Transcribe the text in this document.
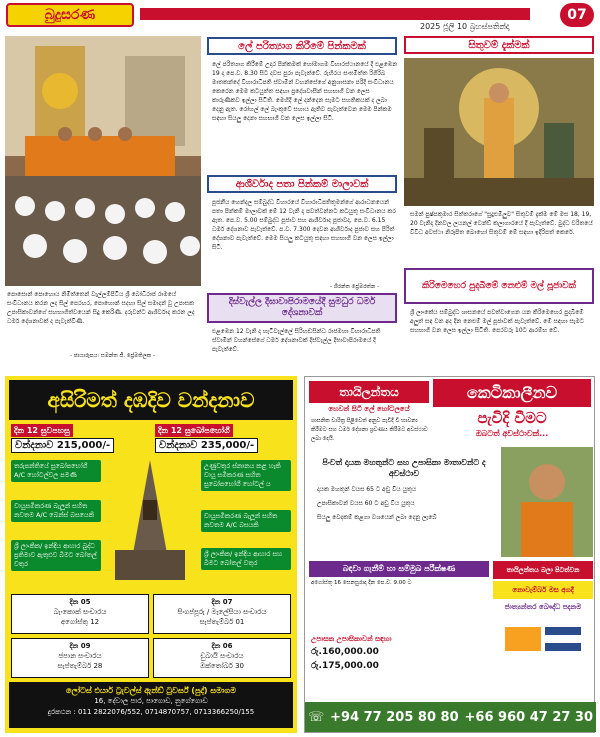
බුදුසරණ
2025 ජූලි 10 බ්‍රහස්පතින්දා
07
පොසොන් පොහොය නිමිත්තෙන් වැල්ලම්පිටිය ශ්‍රී බෝධිරාජ රාමයේ සංවිධානය කරන ලද සිල් පෙරහර, පොහොන් සදහා සිල් සමාදන් වූ උපාසක උපාසිකාවන්ගේ සහභාගිත්වයෙන් සිදු කෙරිණි. දරුවන්ට ආශිර්වාද කරන ලද ධර්ම දේශනාවක් ද පැවැත්විණි.
- ඡායාරූපය: සමන්ත ජී. ප්‍රේමතිලක -
ලේ පරිත්‍යාග කිරීමේ පින්කමක්
ලේ පරිත්‍යාග කිරීමේ උදාර පින්කමක් හෝමාගම විහාරස්ථානයේ දී එළඹෙන 19 දා පෙ.ව. 8.30 සිට දවස පුරා පැවැත්වේ. රුහිරය සංඝමිත්ත රිගිරිඛ මාතකන්දේ විහාරාධිපති ස්වාමීන් වහන්සේගේ අනුශාසනා පරිදි සංවිධානය කෙරෙන මෙම කටයුත්ත සඳහා ප්‍රදේශවාසීන් සහභාගී වන ලෙස කාරුණිකව ඉල්ලා සිටිති. මෙහිදී ලේ දන්දෙන සැමට සහතිකයක් ද ලබා දෙනු ඇත. රෝහල් ලේ බැංකුවේ සහාය ඇතිව පැවැත්වෙන මෙම පින්කම සඳහා සියලු දෙනා සහභාගී වන ලෙස ඉල්ලා සිටී.
ආශීර්වාද පතා පින්කම් මාලාවක්
පූජනීය හෙන්දල සම්බුද්ධ විහාරයේ විහාරාධිපතිතුමන්ගේ ආරාධනයෙන් පතා පින්කම් මාලාවක් මේ 12 වැනි දා පවත්වන්නට කටයුතු සංවිධානය කර ඇත. පෙ.ව. 5.00 සම්බුද්ධ පූජාව සහ ආශීර්වාද පූජාවද, පෙ.ව. 6.15 ධර්ම දේශනාව පැවැත්වේ. ප.ව. 7.300 දෙවන ආශීර්වාද පූජාව සහ පිරිත් දේශනාව පැවැත්වේ. මෙම සියලු කටයුතු සඳහා සහභාගී වන ලෙස ඉල්ලා සිටී.
- ශිරන්ත ප්‍රේමරත්න -
දිස්වැල්ල දීඝාවාපිරාමයේදී සුමධුර ධර්ම දේශනාවක්
එළඹෙන 12 වැනි දා හැටිවැල්ලේ සිරිහඬසින්ධ රාජමහා විහාරාධිපති ස්වාමීන් වහන්සේගේ ධර්ම දේශනාවක් දිස්වැල්ල දීඝාවාපිරාමයේ දී පැවැත්වේ.
සිතුවම් දැක්මක්
සමන් පුෂ්පකුමාර සිත්තරාගේ "සුදුළුමිලුව" සිතුවම් දැක්ම මේ මස 18, 19, 20 වැනිදා දිනවල ලයනල් වෙන්ඩ් කලාගාරයේ දී පැවැත්වේ. බුද්ධ චරිතයේ විවිධ අවස්ථා නිරූපිත බොහෝ සිතුවම් මේ සඳහා ඉදිරිපත් කෙරේ.
කිරිමෙහෙර පුදබිමේ නෙළුම් මල් පූජාවක්
ශ්‍රී ලාංකේය සම්බුද්ධ ශාසනයේ පවත්වාගෙන යන කිරිමෙහෙර පුදබිමේ අලුත් සඳ වන අද දින නෙළුම් මල් පූජාවක් පැවැත්වේ. මේ සඳහා සැමට සහභාගී වන ලෙස ඉල්ලා සිටිති. පෙරවරු 10ට ආරම්භ වේ.
අසිරිමත් දඹදිව වන්දනාව
දින 12 සුවපහසු
වන්දනාව 215,000/-
දින 12 සුඛෝපභෝගී
වන්දනාව 235,000/-
තරුපන්තියේ සුඛෝපභෝගී A/C හෝටල්වල පමණි
වායුසමීකරණ බැලූන් සහිත නවතම A/C බෙන්ස් බසයෙකි
ශ්‍රී ලාංකික/ ඉන්දිය ආහාර බුද්ධ ප්‍රතිමාව ඇතුළුව බීමට බෝතල් වතුර
උණුවතුර ස්නානය කළ හැකි වායු සමීකරණ සහිත සුඛෝපභෝගී හෝටල් ය
වායුසමීකරණ බැලූන් සහිත නවතම A/C බසයකි
ශ්‍රී ලාංකික/ ඉන්දිය ආහාර සහ බීමට බෝතල් වතුර
දින 05
බැංකොක් සංචාරය
අගෝස්තු 12
දින 07
සිංගප්පූරු / මැලේසියා සංචාරය
සැප්තැම්බර් 01
දින 09
ජපාන සංචාරය
සැප්තැම්බර් 28
දින 06
ඩුබායි සංචාරය
ඔක්තෝබර් 30
ලෝටස් එයාර් ට්‍රැවල්ස් ඇන්ඩ් ටුවර්ස් (පුද්) සමාගම
16, දේවාල පාර, පාගොඩ, නුගේගොඩ
දුරකථන : 011 2822076/552, 0714870757, 0713366250/155
තායිලන්තය
හෙවන් සිටි ලේ හෝටලයේ
කෙටිකාලීනව
පැවිදි වීමට
ඔබටත් අවස්ථාවක්...
ශාසනික චාරිත්‍ර පිළිවෙත් අනුව පැවිදි වී භාවනා කිරීමට සහ ධර්ම දේශනා ශ්‍රවණය කිරීමට අවස්ථාව ලබා දෙයි.
පිංවත් දායක මහතුන්ට සහ උපාසිකා මාතාවන්ට ද අවස්ථාව
දායක මහතුන් වයස 65 ට අඩු විය යුතුය
උපාසිකාවන් වයස 60 ට අඩු විය යුතුය
සියලු වෙදකම් කළගා වශයෙන් ලබා දෙනු ලැබේ
බඳවා ගැනීම් හා සම්මුඛ පරීක්ෂණ
අගෝස්තු 16 සෙනසුරාදා දින පෙ.ව. 9.00 ට
උපාසක උපාසිකාවන් සඳහා
රු.160,000.00
රු.175,000.00
තායිලන්තය බලා පිටත්වන
නොවැම්බර් මස අගදී
ජාත්‍යන්තර බෞද්ධ පදනම
☏ +94 77 205 80 80 +66 960 47 27 30
